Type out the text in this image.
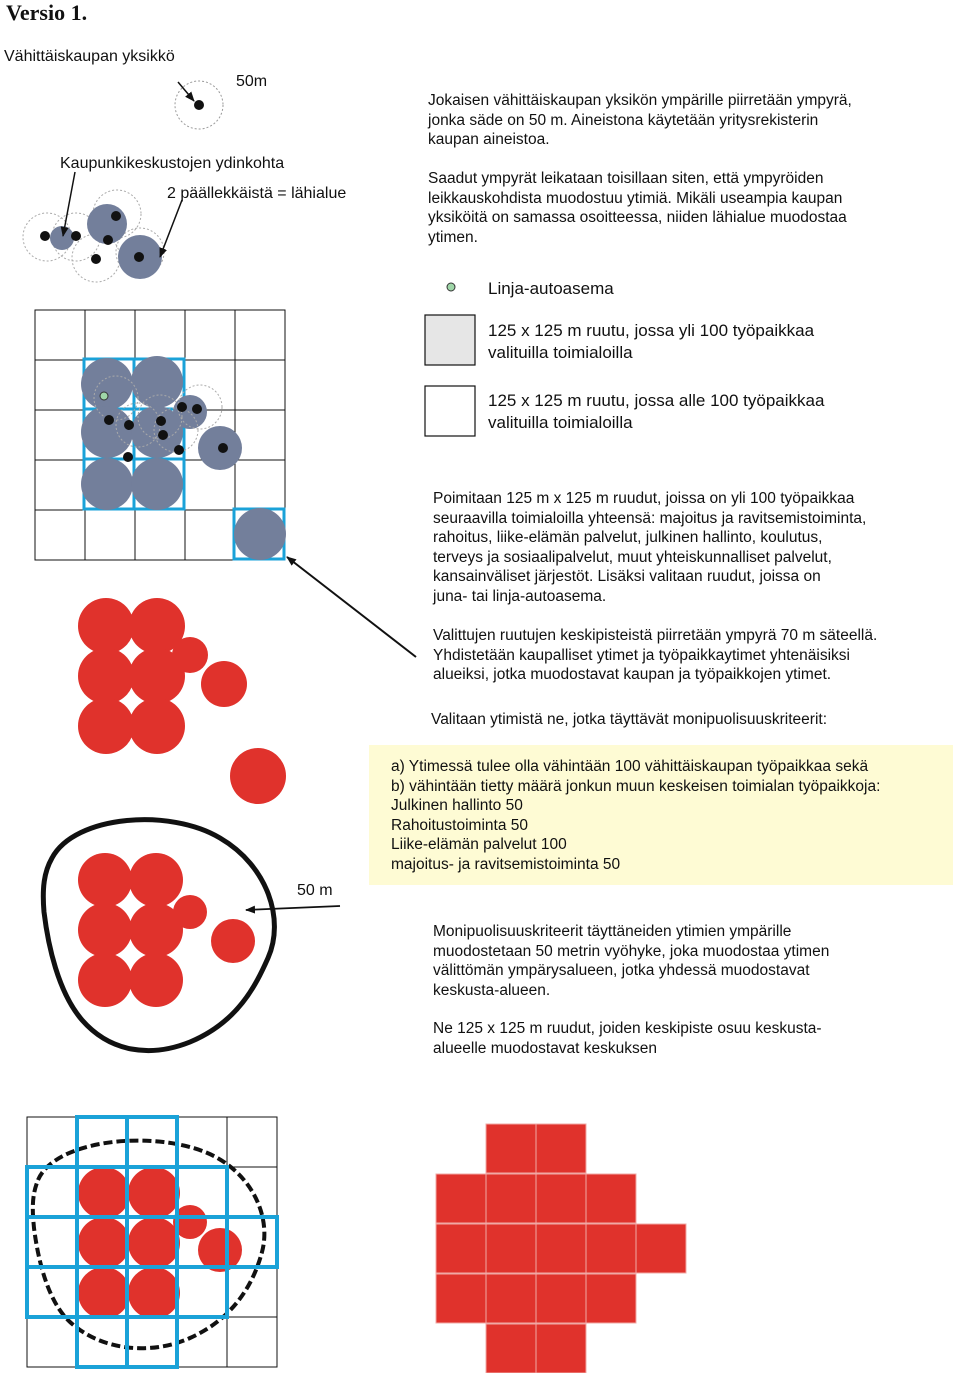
Versio 1.
Vähittäiskaupan yksikkö
50m
Kaupunkikeskustojen ydinkohta
2 päällekkäistä = lähialue
Jokaisen vähittäiskaupan yksikön ympärille piirretään ympyrä,
jonka säde on 50 m. Aineistona käytetään yritysrekisterin
kaupan aineistoa.
Saadut ympyrät leikataan toisillaan siten, että ympyröiden
leikkauskohdista muodostuu ytimiä. Mikäli useampia kaupan
yksiköitä on samassa osoitteessa, niiden lähialue muodostaa
ytimen.
Linja-autoasema
125 x 125 m ruutu, jossa yli 100 työpaikkaa
valituilla toimialoilla
125 x 125 m ruutu, jossa alle 100 työpaikkaa
valituilla toimialoilla
Poimitaan 125 m x 125 m ruudut, joissa on yli 100 työpaikkaa
seuraavilla toimialoilla yhteensä: majoitus ja ravitsemistoiminta,
rahoitus, liike-elämän palvelut, julkinen hallinto, koulutus,
terveys ja sosiaalipalvelut, muut yhteiskunnalliset palvelut,
kansainväliset järjestöt. Lisäksi valitaan ruudut, joissa on
juna- tai linja-autoasema.
Valittujen ruutujen keskipisteistä piirretään ympyrä 70 m säteellä.
Yhdistetään kaupalliset ytimet ja työpaikkaytimet yhtenäisiksi
alueiksi, jotka muodostavat kaupan ja työpaikkojen ytimet.
Valitaan ytimistä ne, jotka täyttävät monipuolisuuskriteerit:
a) Ytimessä tulee olla vähintään 100 vähittäiskaupan työpaikkaa sekä
b) vähintään tietty määrä jonkun muun keskeisen toimialan työpaikkoja:
Julkinen hallinto 50
Rahoitustoiminta 50
Liike-elämän palvelut 100
majoitus- ja ravitsemistoiminta 50
50 m
Monipuolisuuskriteerit täyttäneiden ytimien ympärille
muodostetaan 50 metrin vyöhyke, joka muodostaa ytimen
välittömän ympärysalueen, jotka yhdessä muodostavat
keskusta-alueen.
Ne 125 x 125 m ruudut, joiden keskipiste osuu keskusta-
alueelle muodostavat keskuksen
